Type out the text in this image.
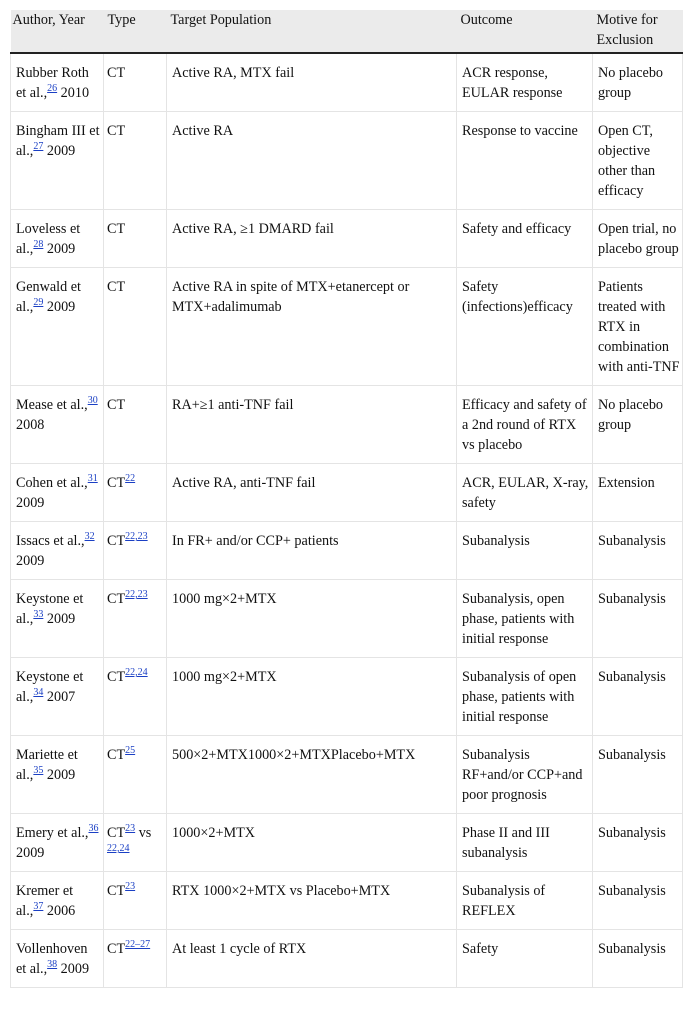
Author, Year	Type	Target Population	Outcome	Motive for Exclusion
Rubber Roth et al.,$^{26}$ 2010	CT	Active RA, MTX fail	ACR response, EULAR response	No placebo group
Bingham III et al.,$^{27}$ 2009	CT	Active RA	Response to vaccine	Open CT, objective other than efficacy
Loveless et al.,$^{28}$ 2009	CT	Active RA, ≥1 DMARD fail	Safety and efficacy	Open trial, no placebo group
Genwald et al.,$^{29}$ 2009	CT	Active RA in spite of MTX+etanercept or MTX+adalimumab	Safety (infections)efficacy	Patients treated with RTX in combination with anti-TNF
Mease et al.,$^{30}$ 2008	CT	RA+≥1 anti-TNF fail	Efficacy and safety of a 2nd round of RTX vs placebo	No placebo group
Cohen et al.,$^{31}$ 2009	CT$^{22}$	Active RA, anti-TNF fail	ACR, EULAR, X-ray, safety	Extension
Issacs et al.,$^{32}$ 2009	CT$^{22,23}$	In FR+ and/or CCP+ patients	Subanalysis	Subanalysis
Keystone et al.,$^{33}$ 2009	CT$^{22,23}$	1000 mg×2+MTX	Subanalysis, open phase, patients with initial response	Subanalysis
Keystone et al.,$^{34}$ 2007	CT$^{22,24}$	1000 mg×2+MTX	Subanalysis of open phase, patients with initial response	Subanalysis
Mariette et al.,$^{35}$ 2009	CT$^{25}$	500×2+MTX1000×2+MTXPlacebo+MTX	Subanalysis RF+and/or CCP+and poor prognosis	Subanalysis
Emery et al.,$^{36}$ 2009	CT$^{23}$ vs $^{22,24}$	1000×2+MTX	Phase II and III subanalysis	Subanalysis
Kremer et al.,$^{37}$ 2006	CT$^{23}$	RTX 1000×2+MTX vs Placebo+MTX	Subanalysis of REFLEX	Subanalysis
Vollenhoven et al.,$^{38}$ 2009	CT$^{22-27}$	At least 1 cycle of RTX	Safety	Subanalysis
